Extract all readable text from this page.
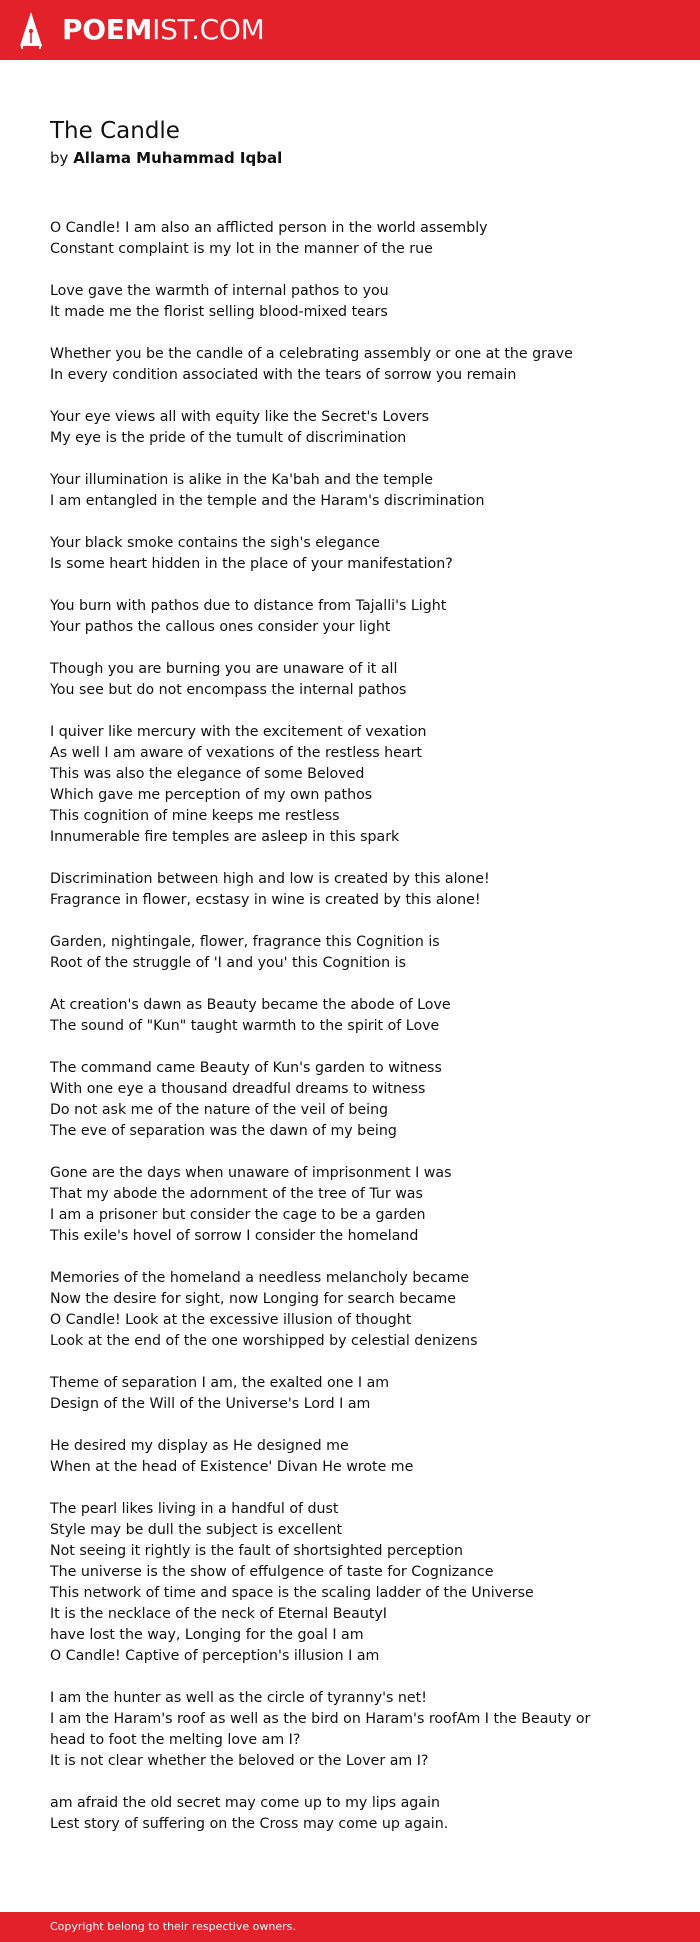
POEMIST.COM
The Candle
by Allama Muhammad Iqbal
O Candle! I am also an afflicted person in the world assembly
Constant complaint is my lot in the manner of the rue
Love gave the warmth of internal pathos to you
It made me the florist selling blood-mixed tears
Whether you be the candle of a celebrating assembly or one at the grave
In every condition associated with the tears of sorrow you remain
Your eye views all with equity like the Secret's Lovers
My eye is the pride of the tumult of discrimination
Your illumination is alike in the Ka'bah and the temple
I am entangled in the temple and the Haram's discrimination
Your black smoke contains the sigh's elegance
Is some heart hidden in the place of your manifestation?
You burn with pathos due to distance from Tajalli's Light
Your pathos the callous ones consider your light
Though you are burning you are unaware of it all
You see but do not encompass the internal pathos
I quiver like mercury with the excitement of vexation
As well I am aware of vexations of the restless heart
This was also the elegance of some Beloved
Which gave me perception of my own pathos
This cognition of mine keeps me restless
Innumerable fire temples are asleep in this spark
Discrimination between high and low is created by this alone!
Fragrance in flower, ecstasy in wine is created by this alone!
Garden, nightingale, flower, fragrance this Cognition is
Root of the struggle of 'I and you' this Cognition is
At creation's dawn as Beauty became the abode of Love
The sound of "Kun" taught warmth to the spirit of Love
The command came Beauty of Kun's garden to witness
With one eye a thousand dreadful dreams to witness
Do not ask me of the nature of the veil of being
The eve of separation was the dawn of my being
Gone are the days when unaware of imprisonment I was
That my abode the adornment of the tree of Tur was
I am a prisoner but consider the cage to be a garden
This exile's hovel of sorrow I consider the homeland
Memories of the homeland a needless melancholy became
Now the desire for sight, now Longing for search became
O Candle! Look at the excessive illusion of thought
Look at the end of the one worshipped by celestial denizens
Theme of separation I am, the exalted one I am
Design of the Will of the Universe's Lord I am
He desired my display as He designed me
When at the head of Existence' Divan He wrote me
The pearl likes living in a handful of dust
Style may be dull the subject is excellent
Not seeing it rightly is the fault of shortsighted perception
The universe is the show of effulgence of taste for Cognizance
This network of time and space is the scaling ladder of the Universe
It is the necklace of the neck of Eternal BeautyI
have lost the way, Longing for the goal I am
O Candle! Captive of perception's illusion I am
I am the hunter as well as the circle of tyranny's net!
I am the Haram's roof as well as the bird on Haram's roofAm I the Beauty or
head to foot the melting love am I?
It is not clear whether the beloved or the Lover am I?
am afraid the old secret may come up to my lips again
Lest story of suffering on the Cross may come up again.
Copyright belong to their respective owners.
